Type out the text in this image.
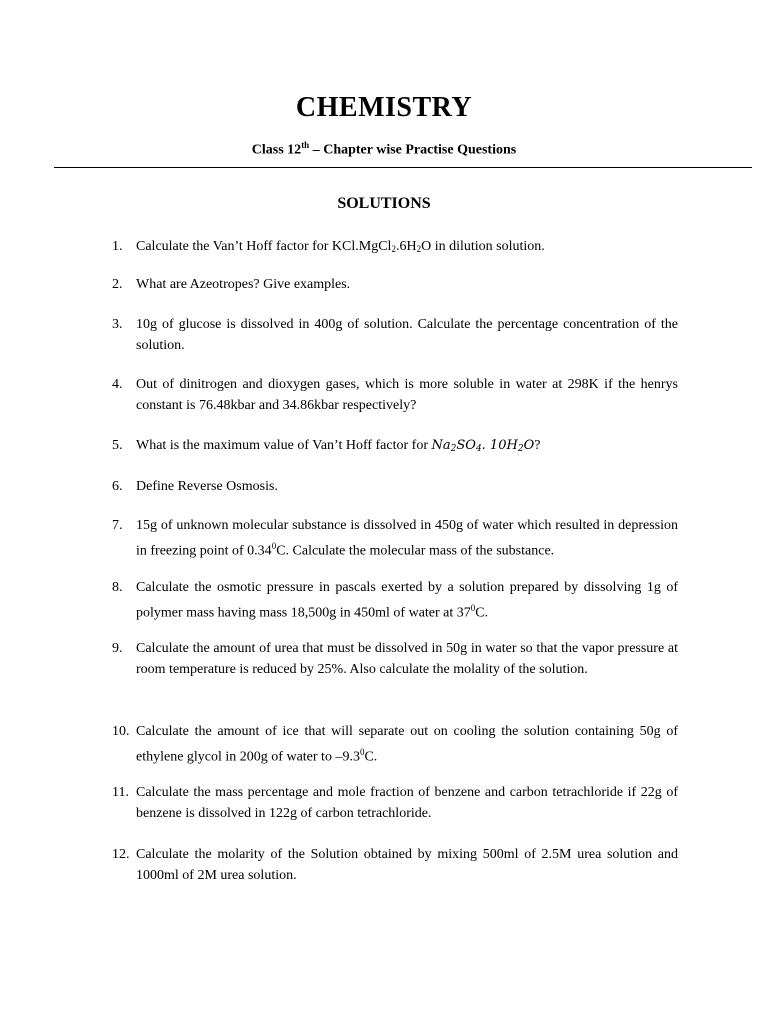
CHEMISTRY
Class 12th – Chapter wise Practise Questions
SOLUTIONS
1. Calculate the Van’t Hoff factor for $KCl.MgCl_2.6H_2O$ in dilution solution.
2. What are Azeotropes? Give examples.
3. 10g of glucose is dissolved in 400g of solution. Calculate the percentage concentration of the solution.
4. Out of dinitrogen and dioxygen gases, which is more soluble in water at 298K if the henrys constant is 76.48kbar and 34.86kbar respectively?
5. What is the maximum value of Van’t Hoff factor for $Na_2SO_4$. $10H_2O$?
6. Define Reverse Osmosis.
7. 15g of unknown molecular substance is dissolved in 450g of water which resulted in depression in freezing point of 0.34$^0$C. Calculate the molecular mass of the substance.
8. Calculate the osmotic pressure in pascals exerted by a solution prepared by dissolving 1g of polymer mass having mass 18,500g in 450ml of water at $37^0C$.
9. Calculate the amount of urea that must be dissolved in 50g in water so that the vapor pressure at room temperature is reduced by 25%. Also calculate the molality of the solution.
10. Calculate the amount of ice that will separate out on cooling the solution containing 50g of ethylene glycol in 200g of water to $-9.3^0C$.
11. Calculate the mass percentage and mole fraction of benzene and carbon tetrachloride if 22g of benzene is dissolved in 122g of carbon tetrachloride.
12. Calculate the molarity of the Solution obtained by mixing 500ml of 2.5M urea solution and 1000ml of 2M urea solution.
